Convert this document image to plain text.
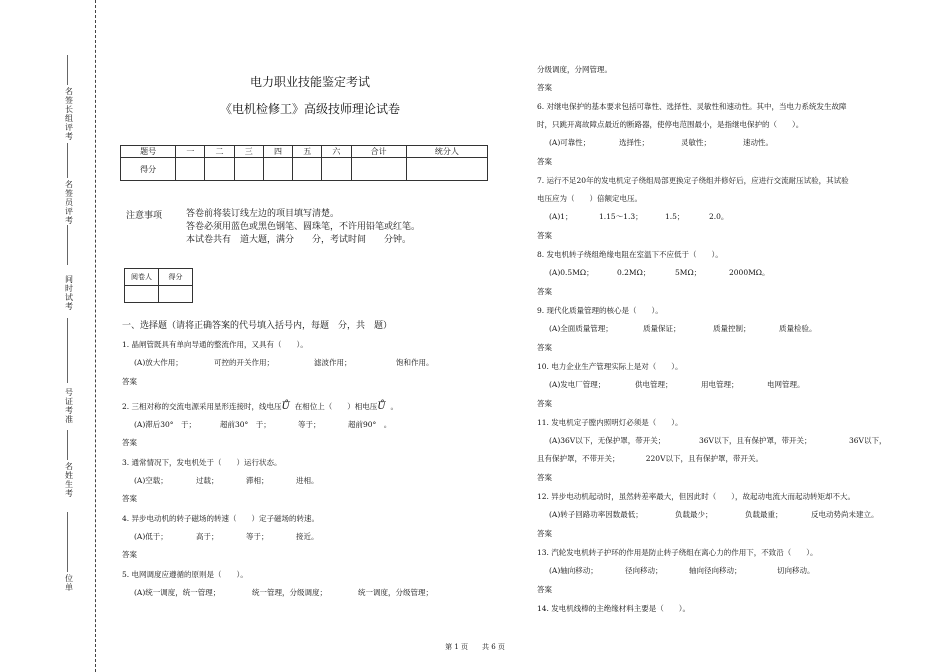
名签长组评考
名签员评考
间时试考
号证考准
名姓生考
位单
电力职业技能鉴定考试
《电机检修工》高级技师理论试卷
题号	一	二	三	四	五	六	合计	统分人
得分								
注意事项	答卷前将装订线左边的项目填写清楚。
答卷必须用蓝色或黑色钢笔、圆珠笔，不许用铅笔或红笔。
本试卷共有　道大题，满分　　分，考试时间　　分钟。
阅卷人	得分

一、选择题（请将正确答案的代号填入括号内，每题　分，共　题）
1. 晶闸管既具有单向导通的整流作用，又具有（　　）。
(A)放大作用；	可控的开关作用；	滤波作用；	饱和作用。
答案
2. 三相对称的交流电源采用星形连接时，线电压Ů 在相位上（　　）相电压Ů 。
(A)滞后30°　于；	超前30°　于；	等于；	超前90°　。
答案
3. 通常情况下，发电机处于（　　）运行状态。
(A)空载；	过载；	滞相；	进相。
答案
4. 异步电动机的转子磁场的转速（　　）定子磁场的转速。
(A)低于；	高于；	等于；	接近。
答案
5. 电网调度应遵循的原则是（　　）。
(A)统一调度，统一管理；	统一管理，分级调度；	统一调度，分级管理；
分级调度，分网管理。
答案
6. 对继电保护的基本要求包括可靠性、选择性、灵敏性和速动性。其中，当电力系统发生故障
时，只跳开离故障点最近的断路器，使停电范围最小，是指继电保护的（　　）。
(A)可靠性；	选择性；	灵敏性；	速动性。
答案
7. 运行不足20年的发电机定子绕组局部更换定子绕组并修好后，应进行交流耐压试验，其试验
电压应为（　　）倍额定电压。
(A)1；	1.15～1.3；	1.5；	2.0。
答案
8. 发电机转子绕组绝缘电阻在室温下不应低于（　　）。
(A)0.5MΩ；	0.2MΩ；	5MΩ；	2000MΩ。
答案
9. 现代化质量管理的核心是（　　）。
(A)全面质量管理；	质量保证；	质量控制；	质量检验。
答案
10. 电力企业生产管理实际上是对（　　）。
(A)发电厂管理；	供电管理；	用电管理；	电网管理。
答案
11. 发电机定子膛内照明灯必须是（　　）。
(A)36V以下，无保护罩，带开关；	36V以下，且有保护罩，带开关；	36V以下，
且有保护罩，不带开关；　　　　220V以下，且有保护罩，带开关。
答案
12. 异步电动机起动时，虽然转差率最大，但因此时（　　），故起动电流大而起动转矩却不大。
(A)转子回路功率因数最低；	负载最少；	负载最重；	反电动势尚未建立。
答案
13. 汽轮发电机转子护环的作用是防止转子绕组在离心力的作用下，不致沿（　　）。
(A)轴向移动；	径向移动；	轴向径向移动；	切向移动。
答案
14. 发电机线棒的主绝缘材料主要是（　　）。
第 1 页　　共 6 页
